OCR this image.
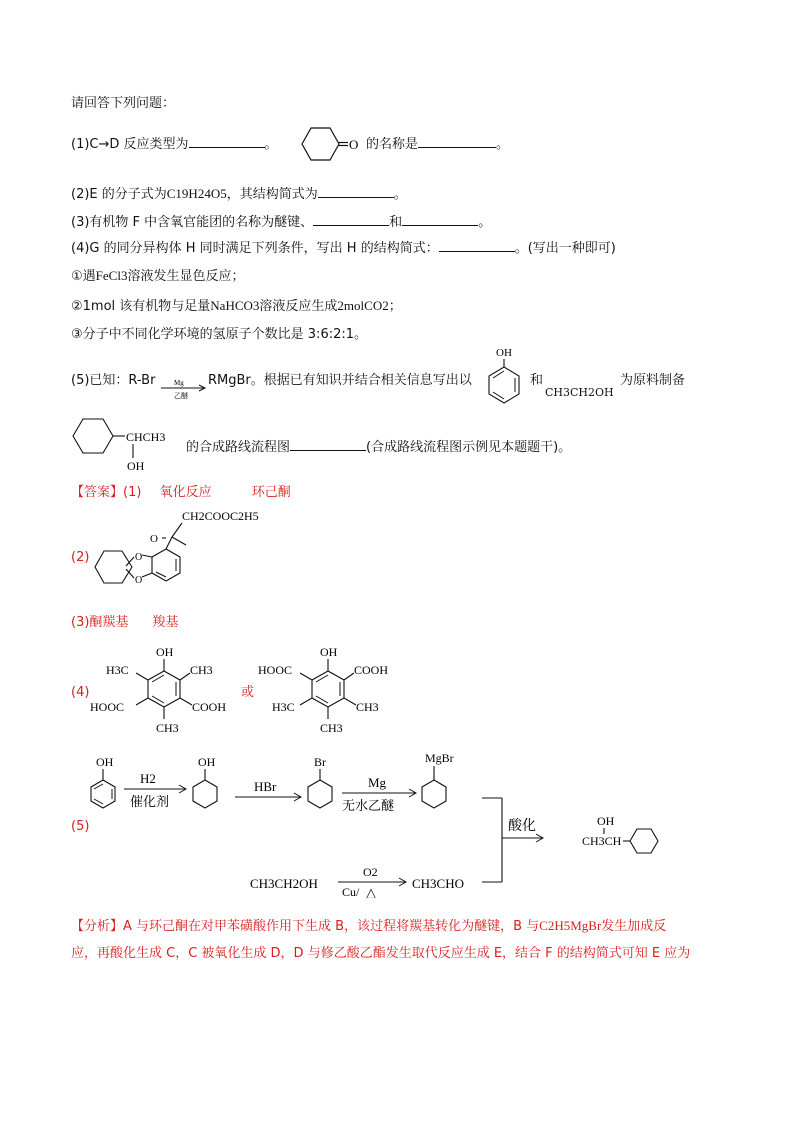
请回答下列问题：
(1)C→D 反应类型为	。	O 的名称是	。
(2)E 的分子式为C19H24O5，其结构简式为	。
(3)有机物 F 中含氧官能团的名称为醚键、	和	。
(4)G 的同分异构体 H 同时满足下列条件，写出 H 的结构简式：	。(写出一种即可)
①遇FeCl3溶液发生显色反应；
②1mol 该有机物与足量NaHCO3溶液反应生成2molCO2；
③分子中不同化学环境的氢原子个数比是 3:6:2:1。
(5)已知：R-Br	Mg
乙醚
RMgBr。根据已有知识并结合相关信息写出以
OH
和
CH3CH2OH
为原料制备
CHCH3
OH
的合成路线流程图	(合成路线流程图示例见本题题干)。
【答案】(1) 氧化反应	环己酮
(2)
CH2COOC2H5
O
O
O
(3)酮羰基 羧基
(4)
OH
H3C	CH3
HOOC	COOH
CH3
或
OH
HOOC	COOH
H3C	CH3
CH3
(5)
OH
H2
催化剂
OH
HBr
Br
Mg
无水乙醚
MgBr
酸化
CH3CH
OH
CH3CH2OH
O2
Cu/ △
CH3CHO
【分析】A 与环己酮在对甲苯磺酸作用下生成 B，该过程将羰基转化为醚键，B 与C2H5MgBr发生加成反
应，再酸化生成 C，C 被氧化生成 D，D 与修乙酸乙酯发生取代反应生成 E，结合 F 的结构简式可知 E 应为
